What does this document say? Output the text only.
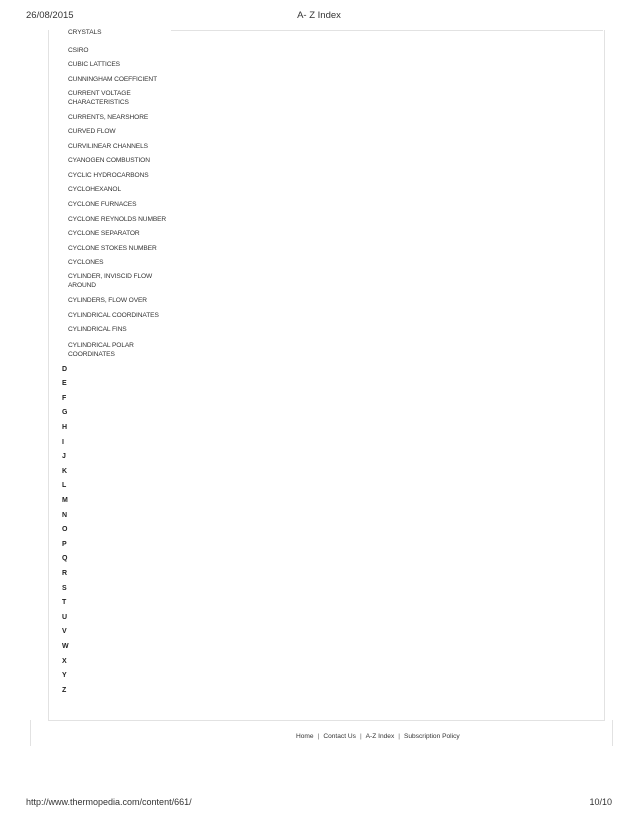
26/08/2015	A- Z Index
CRYSTALS
CSIRO
CUBIC LATTICES
CUNNINGHAM COEFFICIENT
CURRENT VOLTAGE CHARACTERISTICS
CURRENTS, NEARSHORE
CURVED FLOW
CURVILINEAR CHANNELS
CYANOGEN COMBUSTION
CYCLIC HYDROCARBONS
CYCLOHEXANOL
CYCLONE FURNACES
CYCLONE REYNOLDS NUMBER
CYCLONE SEPARATOR
CYCLONE STOKES NUMBER
CYCLONES
CYLINDER, INVISCID FLOW AROUND
CYLINDERS, FLOW OVER
CYLINDRICAL COORDINATES
CYLINDRICAL FINS
CYLINDRICAL POLAR COORDINATES
D
E
F
G
H
I
J
K
L
M
N
O
P
Q
R
S
T
U
V
W
X
Y
Z
Home | Contact Us | A-Z Index | Subscription Policy
http://www.thermopedia.com/content/661/	10/10
